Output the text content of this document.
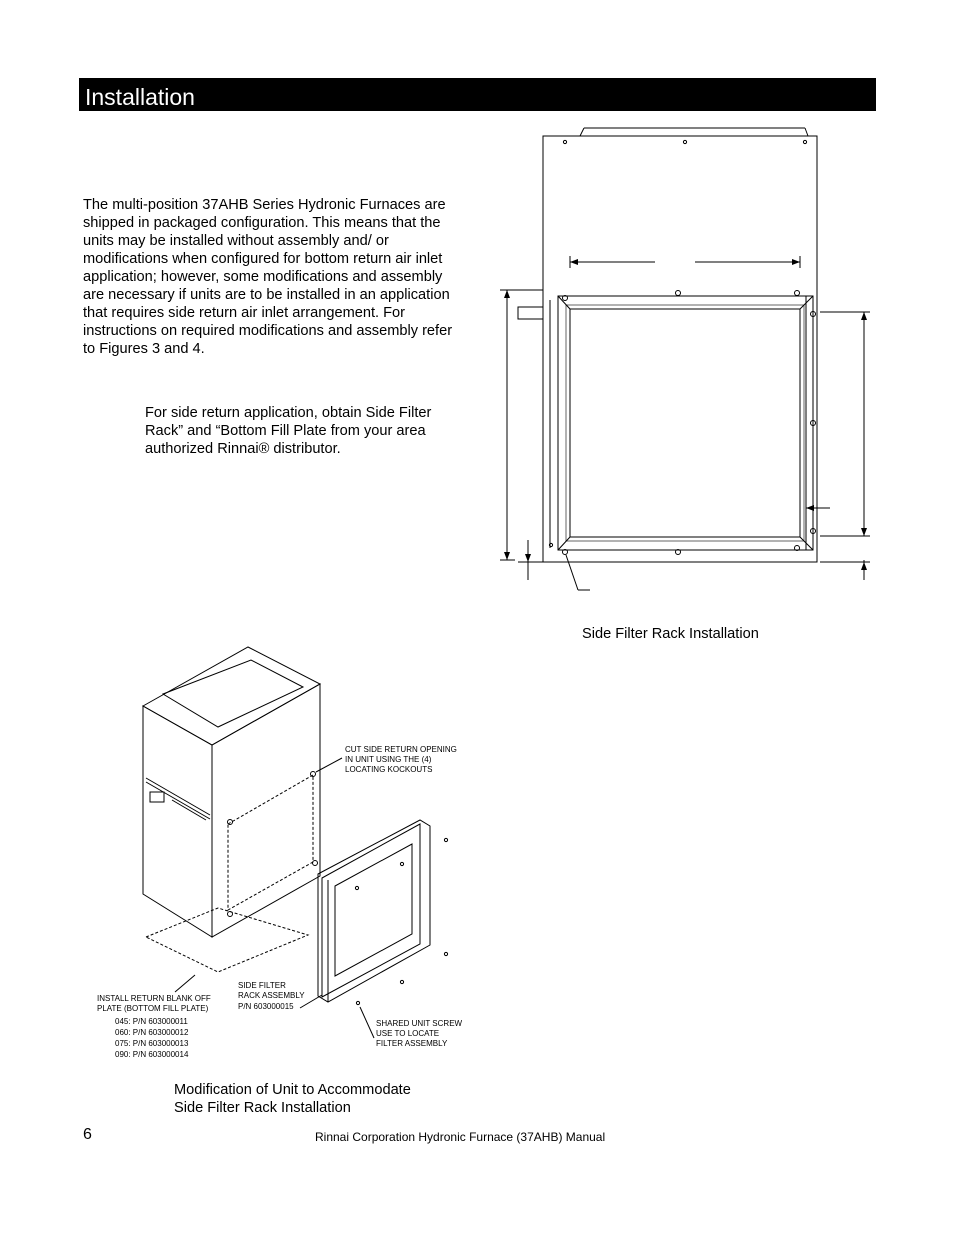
Installation

The multi-position 37AHB Series Hydronic Furnaces are shipped in packaged configuration. This means that the units may be installed without assembly and/ or modifications when configured for bottom return air inlet application; however, some modifications and assembly are necessary if units are to be installed in an application that requires side return air inlet arrangement. For instructions on required modifications and assembly refer to Figures 3 and 4.

For side return application, obtain Side Filter Rack” and “Bottom Fill Plate from your area authorized Rinnai® distributor.

Side Filter Rack Installation
CUT SIDE RETURN OPENING
IN UNIT USING THE (4)
LOCATING KOCKOUTS
INSTALL RETURN BLANK OFF
PLATE (BOTTOM FILL PLATE)
045: P/N 603000011
060: P/N 603000012
075: P/N 603000013
090: P/N 603000014
SIDE FILTER
RACK ASSEMBLY
P/N 603000015
SHARED UNIT SCREW
USE TO LOCATE
FILTER ASSEMBLY
Modification of Unit to Accommodate
Side Filter Rack Installation
6	Rinnai Corporation Hydronic Furnace (37AHB) Manual
